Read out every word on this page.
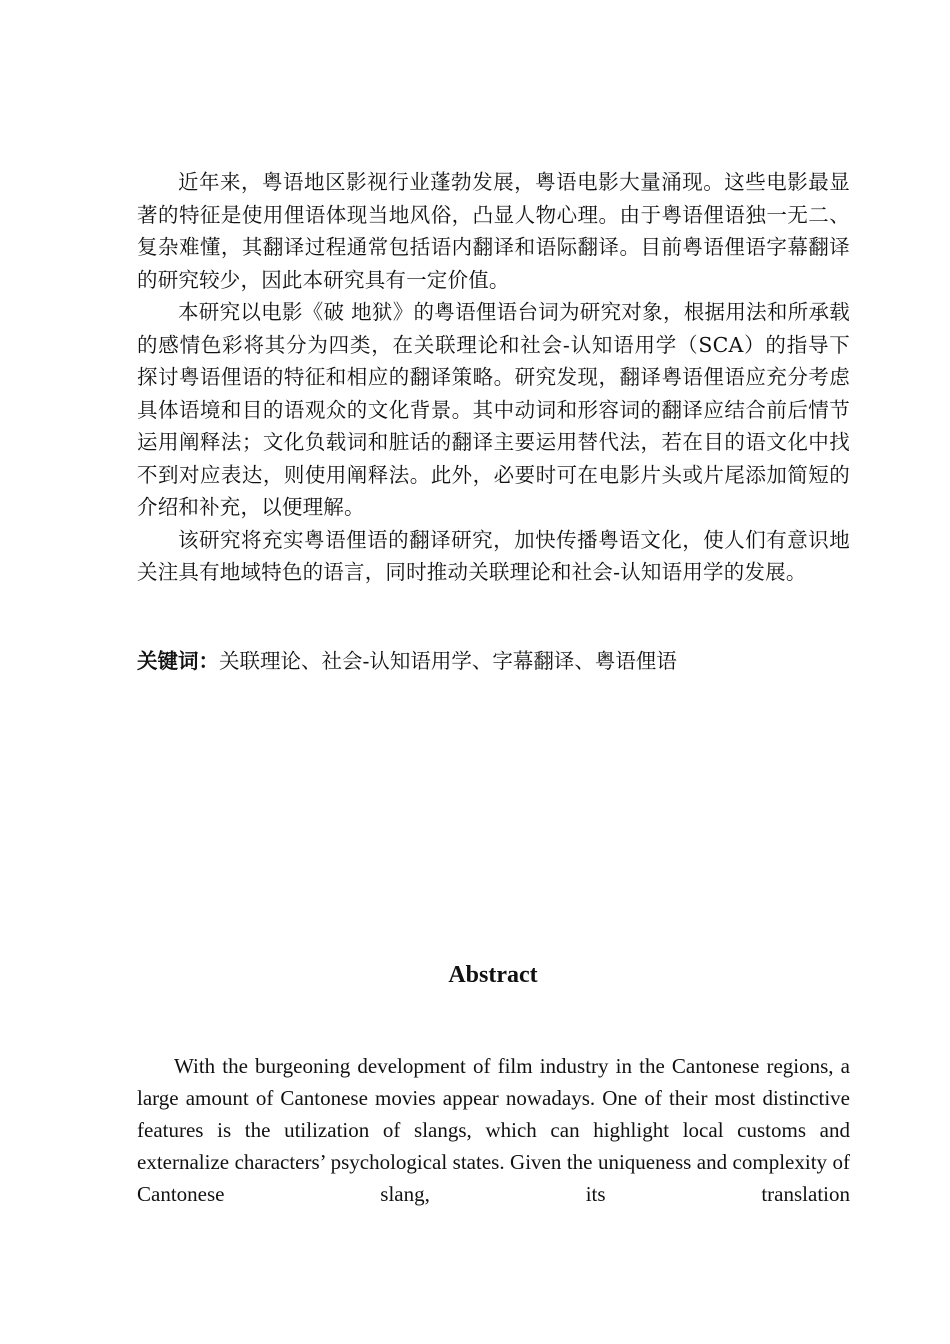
近年来，粤语地区影视行业蓬勃发展，粤语电影大量涌现。这些电影最显著的特征是使用俚语体现当地风俗，凸显人物心理。由于粤语俚语独一无二、复杂难懂，其翻译过程通常包括语内翻译和语际翻译。目前粤语俚语字幕翻译的研究较少，因此本研究具有一定价值。

本研究以电影《破 地狱》的粤语俚语台词为研究对象，根据用法和所承载的感情色彩将其分为四类，在关联理论和社会-认知语用学（SCA）的指导下探讨粤语俚语的特征和相应的翻译策略。研究发现，翻译粤语俚语应充分考虑具体语境和目的语观众的文化背景。其中动词和形容词的翻译应结合前后情节运用阐释法；文化负载词和脏话的翻译主要运用替代法，若在目的语文化中找不到对应表达，则使用阐释法。此外，必要时可在电影片头或片尾添加简短的介绍和补充，以便理解。

该研究将充实粤语俚语的翻译研究，加快传播粤语文化，使人们有意识地关注具有地域特色的语言，同时推动关联理论和社会-认知语用学的发展。

关键词：关联理论、社会-认知语用学、字幕翻译、粤语俚语
Abstract

With the burgeoning development of film industry in the Cantonese regions, a large amount of Cantonese movies appear nowadays. One of their most distinctive features is the utilization of slangs, which can highlight local customs and externalize characters’ psychological states. Given the uniqueness and complexity of Cantonese slang, its translation
